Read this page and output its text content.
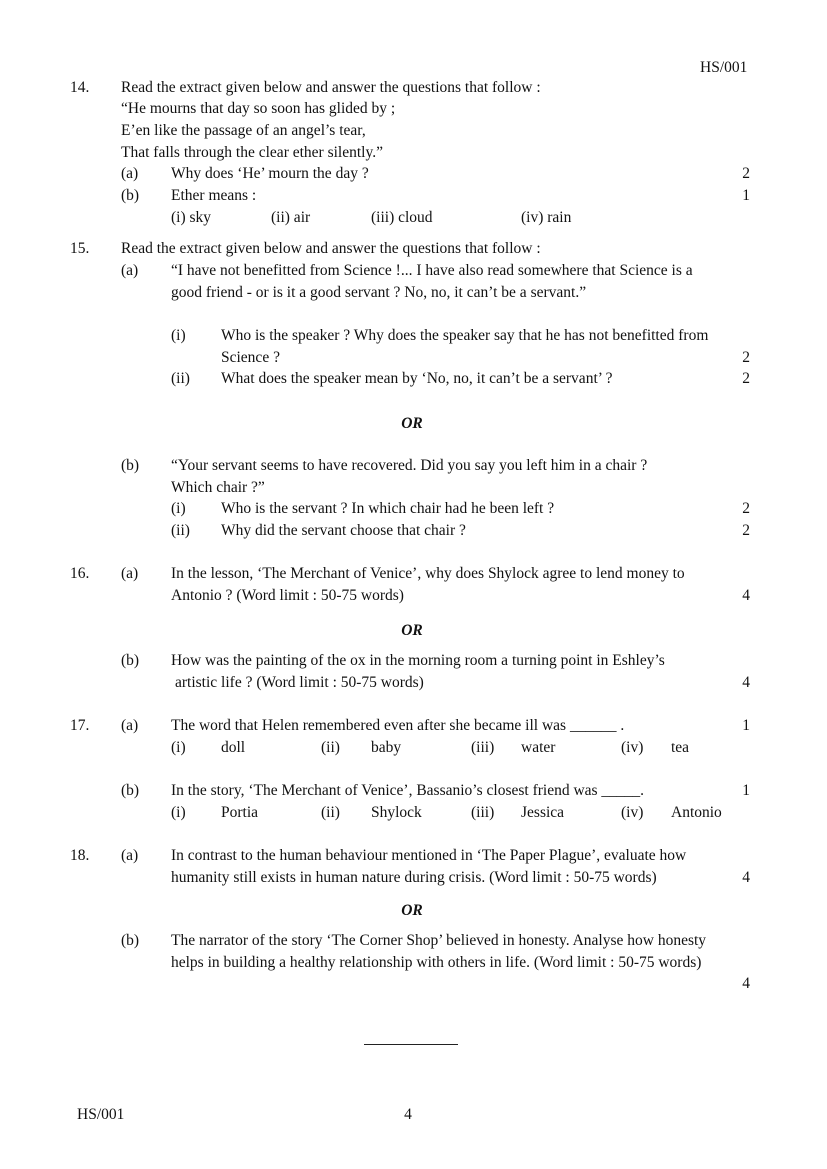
HS/001
14. Read the extract given below and answer the questions that follow :
“He mourns that day so soon has glided by ;
E’en like the passage of an angel’s tear,
That falls through the clear ether silently.”
(a) Why does ‘He’ mourn the day ?	2
(b) Ether means :	1
(i) sky	(ii) air	(iii) cloud	(iv) rain
15. Read the extract given below and answer the questions that follow :
(a) “I have not benefitted from Science !... I have also read somewhere that Science is a
good friend - or is it a good servant ? No, no, it can’t be a servant.”
(i) Who is the speaker ? Why does the speaker say that he has not benefitted from
Science ?	2
(ii) What does the speaker mean by ‘No, no, it can’t be a servant’ ?	2
OR
(b) “Your servant seems to have recovered. Did you say you left him in a chair ?
Which chair ?”
(i) Who is the servant ? In which chair had he been left ?	2
(ii) Why did the servant choose that chair ?	2
16. (a) In the lesson, ‘The Merchant of Venice’, why does Shylock agree to lend money to
Antonio ? (Word limit : 50-75 words)	4
OR
(b) How was the painting of the ox in the morning room a turning point in Eshley’s
artistic life ? (Word limit : 50-75 words)	4
17. (a) The word that Helen remembered even after she became ill was ______ .	1
(i) doll	(ii) baby	(iii) water	(iv) tea
(b) In the story, ‘The Merchant of Venice’, Bassanio’s closest friend was _____.	1
(i) Portia	(ii) Shylock	(iii) Jessica	(iv) Antonio
18. (a) In contrast to the human behaviour mentioned in ‘The Paper Plague’, evaluate how
humanity still exists in human nature during crisis. (Word limit : 50-75 words)	4
OR
(b) The narrator of the story ‘The Corner Shop’ believed in honesty. Analyse how honesty
helps in building a healthy relationship with others in life. (Word limit : 50-75 words)
4
HS/001	4
